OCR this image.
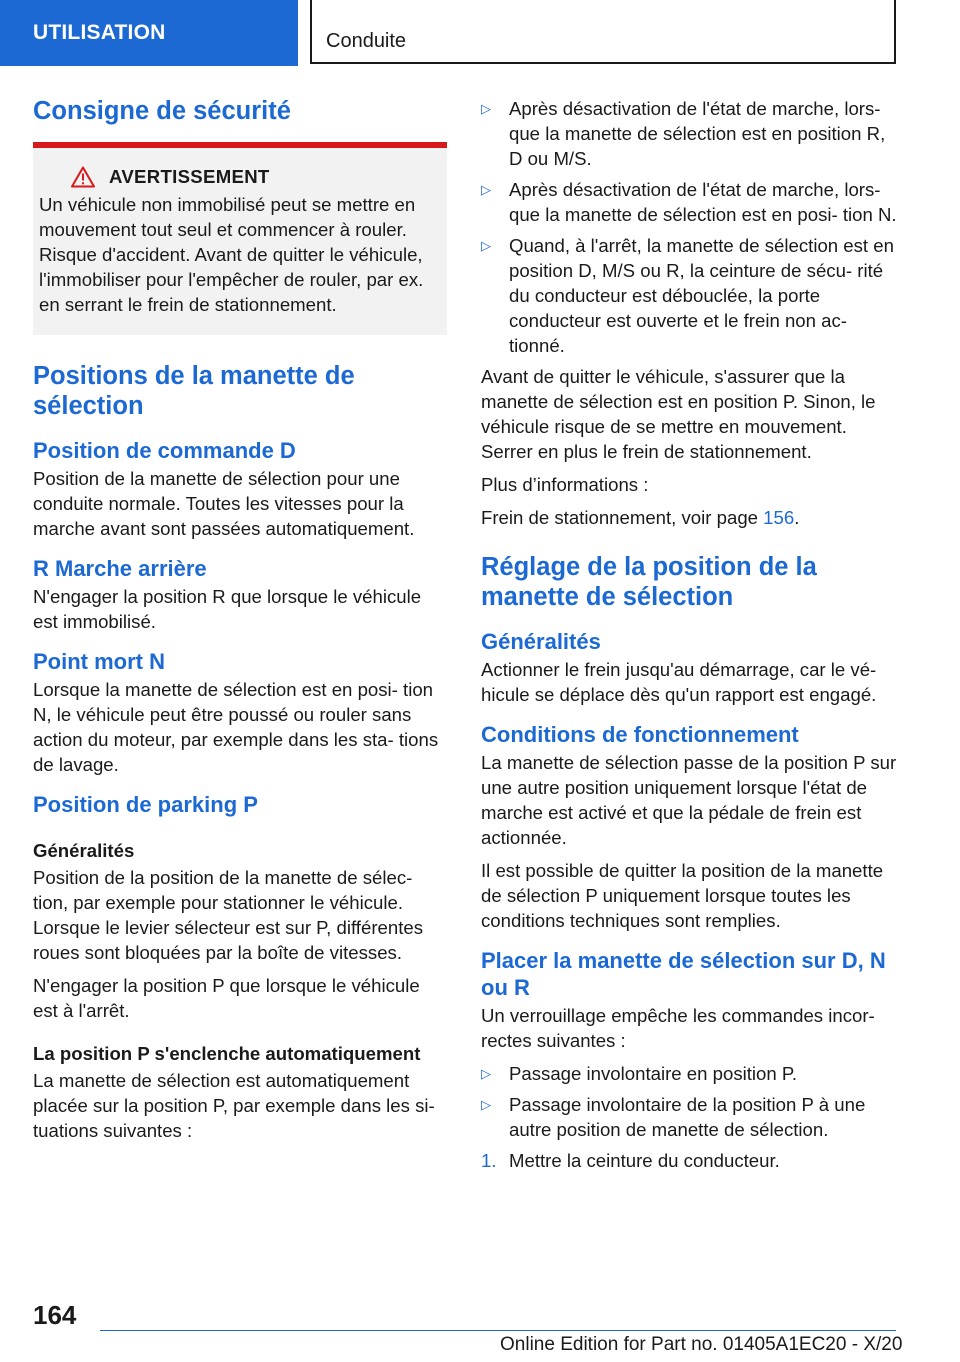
UTILISATION	Conduite
Consigne de sécurité
AVERTISSEMENT
Un véhicule non immobilisé peut se mettre en mouvement tout seul et commencer à rouler. Risque d'accident. Avant de quitter le véhicule, l'immobiliser pour l'empêcher de rouler, par ex. en serrant le frein de stationnement.
Positions de la manette de sélection
Position de commande D

Position de la manette de sélection pour une conduite normale. Toutes les vitesses pour la marche avant sont passées automatiquement.

R Marche arrière

N'engager la position R que lorsque le véhicule est immobilisé.

Point mort N

Lorsque la manette de sélection est en posi- tion N, le véhicule peut être poussé ou rouler sans action du moteur, par exemple dans les sta- tions de lavage.

Position de parking P
Généralités

Position de la position de la manette de sélec- tion, par exemple pour stationner le véhicule. Lorsque le levier sélecteur est sur P, différentes roues sont bloquées par la boîte de vitesses.

N'engager la position P que lorsque le véhicule est à l'arrêt.

La position P s'enclenche automatiquement

La manette de sélection est automatiquement placée sur la position P, par exemple dans les si- tuations suivantes :

▷ Après désactivation de l'état de marche, lors- que la manette de sélection est en position R, D ou M/S.
▷ Après désactivation de l'état de marche, lors- que la manette de sélection est en posi- tion N.
▷ Quand, à l'arrêt, la manette de sélection est en position D, M/S ou R, la ceinture de sécu- rité du conducteur est débouclée, la porte conducteur est ouverte et le frein non ac- tionné.

Avant de quitter le véhicule, s'assurer que la manette de sélection est en position P. Sinon, le véhicule risque de se mettre en mouvement. Serrer en plus le frein de stationnement.

Plus d’informations :

Frein de stationnement, voir page 156.

Réglage de la position de la manette de sélection
Généralités

Actionner le frein jusqu'au démarrage, car le vé- hicule se déplace dès qu'un rapport est engagé.

Conditions de fonctionnement

La manette de sélection passe de la position P sur une autre position uniquement lorsque l'état de marche est activé et que la pédale de frein est actionnée.

Il est possible de quitter la position de la manette de sélection P uniquement lorsque toutes les conditions techniques sont remplies.

Placer la manette de sélection sur D, N ou R

Un verrouillage empêche les commandes incor- rectes suivantes :

▷ Passage involontaire en position P.
▷ Passage involontaire de la position P à une autre position de manette de sélection.
1. Mettre la ceinture du conducteur.
164
Online Edition for Part no. 01405A1EC20 - X/20
